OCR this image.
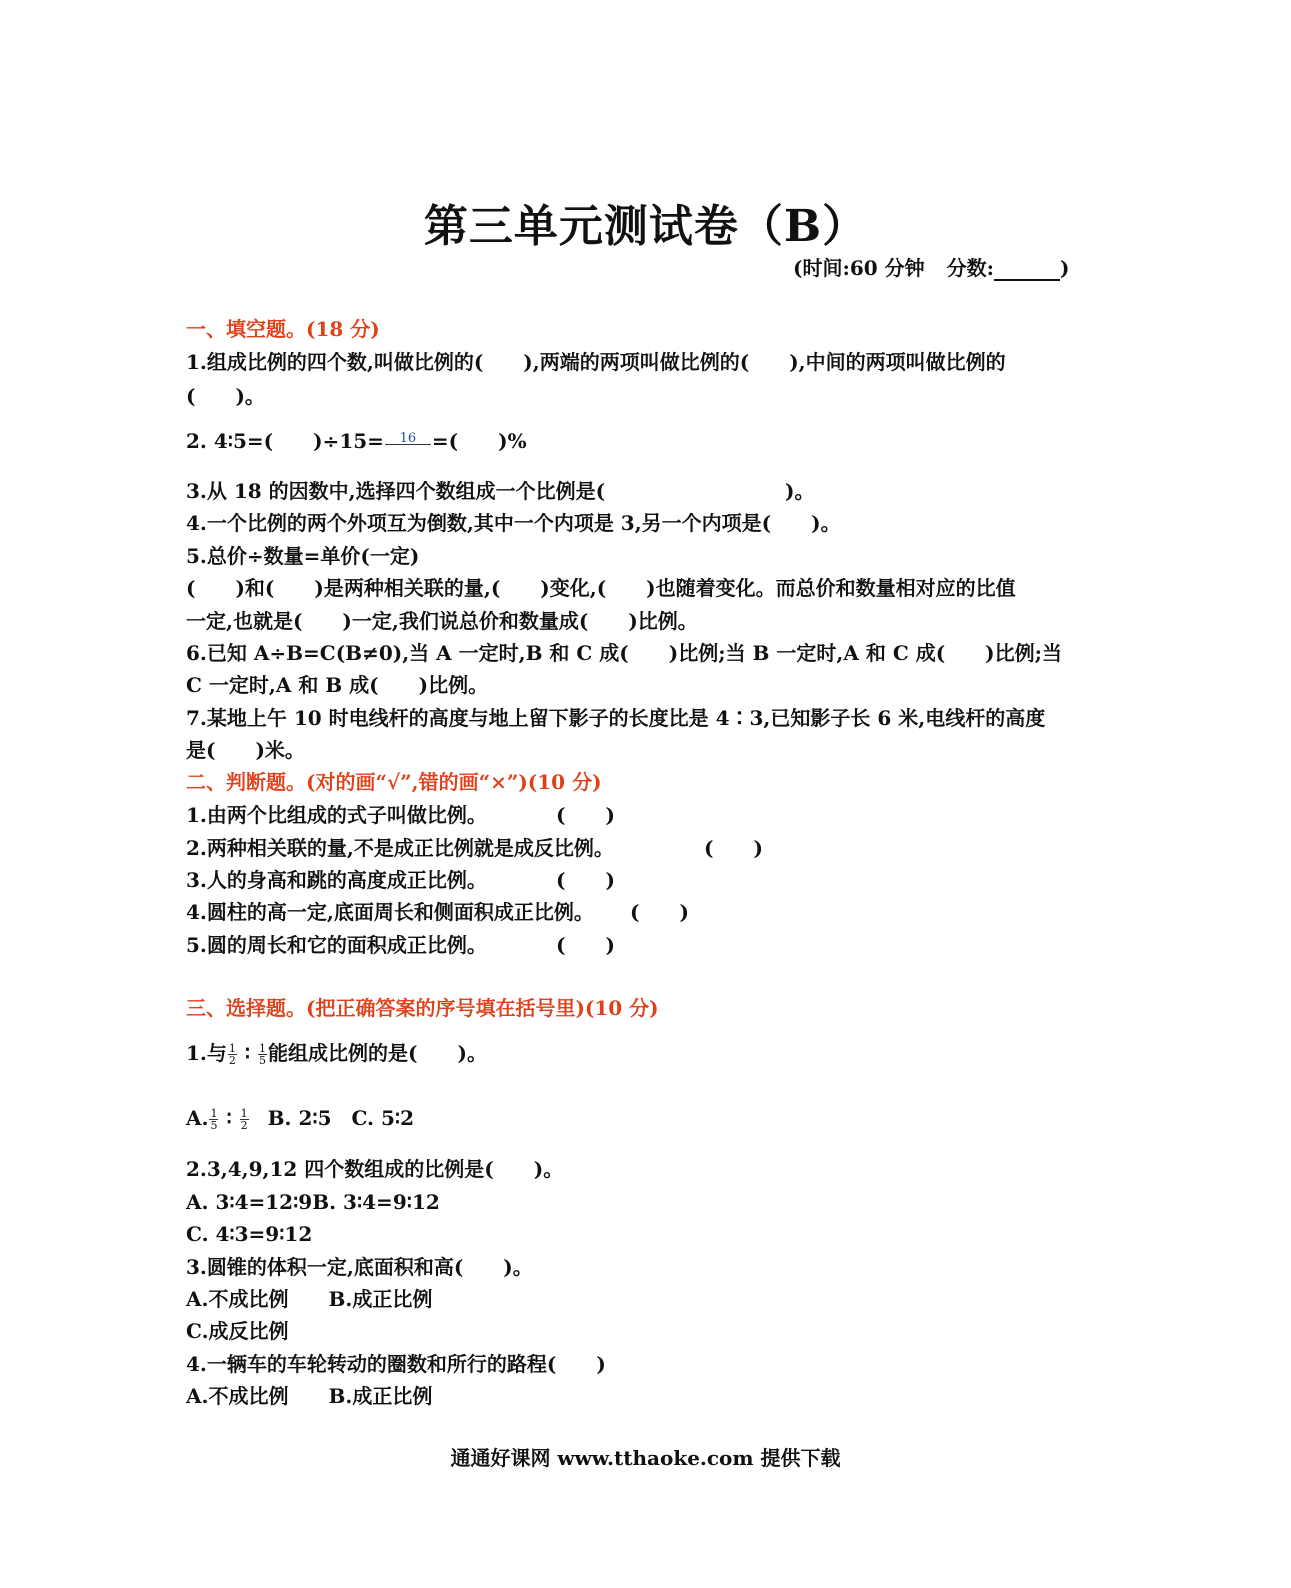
第三单元测试卷（B）
(时间:60 分钟 分数:	)
一、填空题。(18 分)
1.组成比例的四个数,叫做比例的(　　),两端的两项叫做比例的(　　),中间的两项叫做比例的
(　　)。
2. 4∶5=(　　)÷15=	16 =(　　)%
3.从 18 的因数中,选择四个数组成一个比例是(　　　　　　　　　)。
4.一个比例的两个外项互为倒数,其中一个内项是 3,另一个内项是(　　)。
5.总价÷数量=单价(一定)
(　　)和(　　)是两种相关联的量,(　　)变化,(　　)也随着变化。而总价和数量相对应的比值
一定,也就是(　　)一定,我们说总价和数量成(　　)比例。
6.已知 A÷B=C(B≠0),当 A 一定时,B 和 C 成(　　)比例;当 B 一定时,A 和 C 成(　　)比例;当
C 一定时,A 和 B 成(　　)比例。
7.某地上午 10 时电线杆的高度与地上留下影子的长度比是 4∶3,已知影子长 6 米,电线杆的高度
是(　　)米。
二、判断题。(对的画“√”,错的画“×”)(10 分)
1.由两个比组成的式子叫做比例。	(　　)
2.两种相关联的量,不是成正比例就是成反比例。	(　　)
3.人的身高和跳的高度成正比例。	(　　)
4.圆柱的高一定,底面周长和侧面积成正比例。 (　　)
5.圆的周长和它的面积成正比例。	(　　)
三、选择题。(把正确答案的序号填在括号里)(10 分)
1.与 $\frac{1}{2}$ ∶ $\frac{1}{5}$ 能组成比例的是(　　)。
A. $\frac{1}{5}$ ∶ $\frac{1}{2} B$. 2∶5　C. 5∶2
2.3,4,9,12 四个数组成的比例是(　　)。
A. 3∶4=12∶9B. 3∶4=9∶12
C. 4∶3=9∶12
3.圆锥的体积一定,底面积和高(　　)。
A.不成比例　　B.成正比例
C.成反比例
4.一辆车的车轮转动的圈数和所行的路程(　　)
A.不成比例　　B.成正比例
通通好课网 www.tthaoke.com 提供下载
